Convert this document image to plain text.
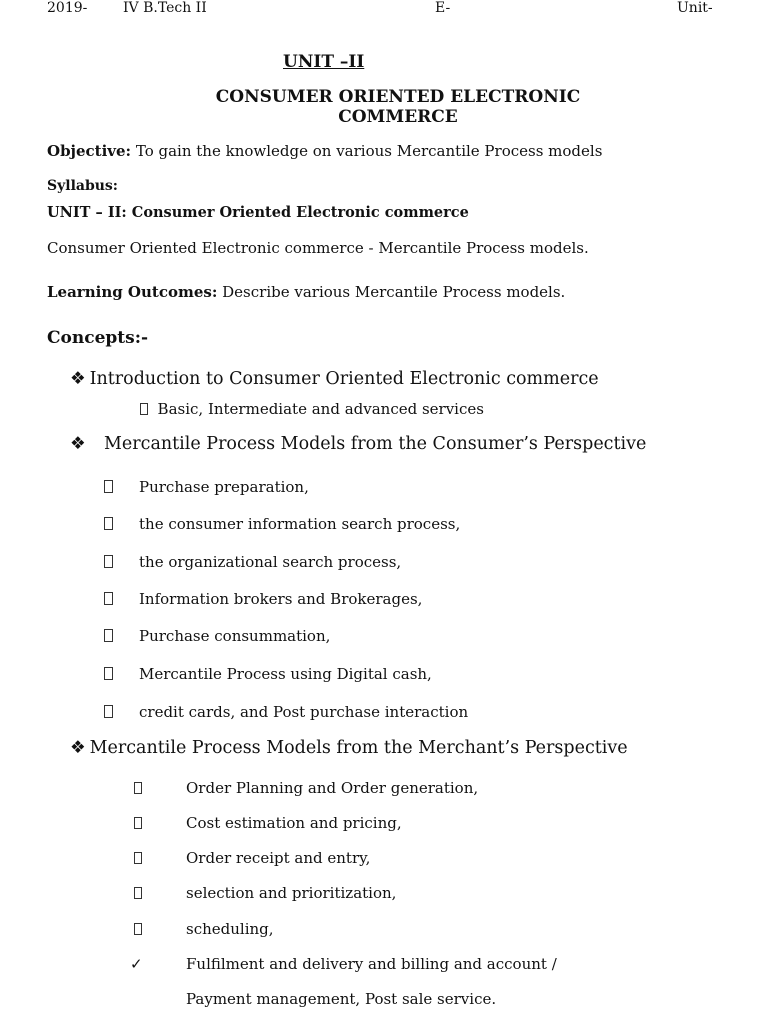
2019-	IV B.Tech II	E-	Unit-
UNIT –II
CONSUMER ORIENTED ELECTRONIC
COMMERCE
Objective: To gain the knowledge on various Mercantile Process models
Syllabus:
UNIT – II: Consumer Oriented Electronic commerce
Consumer Oriented Electronic commerce - Mercantile Process models.
Learning Outcomes: Describe various Mercantile Process models.
Concepts:-
❖ Introduction to Consumer Oriented Electronic commerce
Basic, Intermediate and advanced services
❖ Mercantile Process Models from the Consumer’s Perspective
Purchase preparation,
the consumer information search process,
the organizational search process,
Information brokers and Brokerages,
Purchase consummation,
Mercantile Process using Digital cash,
credit cards, and Post purchase interaction
❖ Mercantile Process Models from the Merchant’s Perspective
Order Planning and Order generation,
Cost estimation and pricing,
Order receipt and entry,
selection and prioritization,
scheduling,
✓	Fulfilment and delivery and billing and account /
Payment management, Post sale service.
